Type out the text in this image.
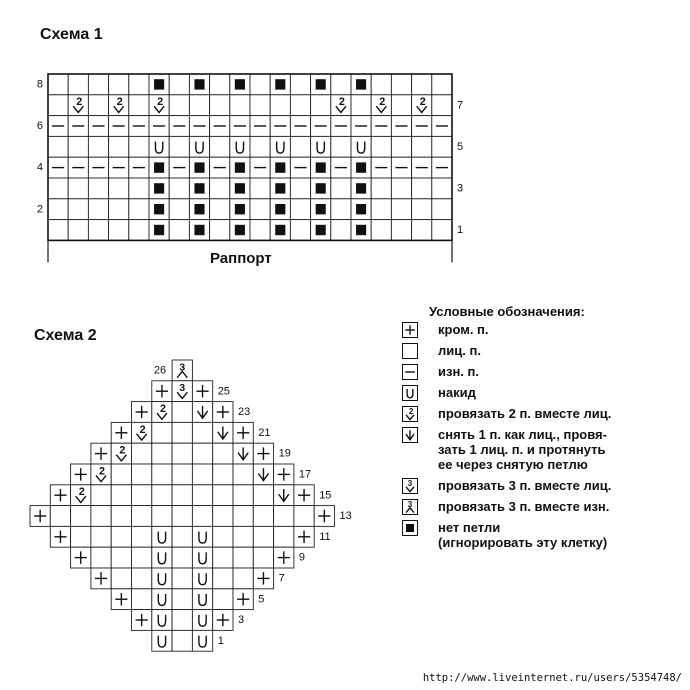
Схема 1
2	2	2	2	2	2
8
6
4
2
7
5
3
1
Раппорт
Схема 2
3
3
2
2
2
2
2
26
25
23
21
19
17
15
13
11
9
7
5
3
1
Условные обозначения:
кром. п.
лиц. п.
изн. п.
накид
2 провязать 2 п. вместе лиц.
снять 1 п. как лиц., провя-
зать 1 лиц. п. и протянуть
ее через снятую петлю
3 провязать 3 п. вместе лиц.
3 провязать 3 п. вместе изн.
нет петли
(игнорировать эту клетку)
http://www.liveinternet.ru/users/5354748/
